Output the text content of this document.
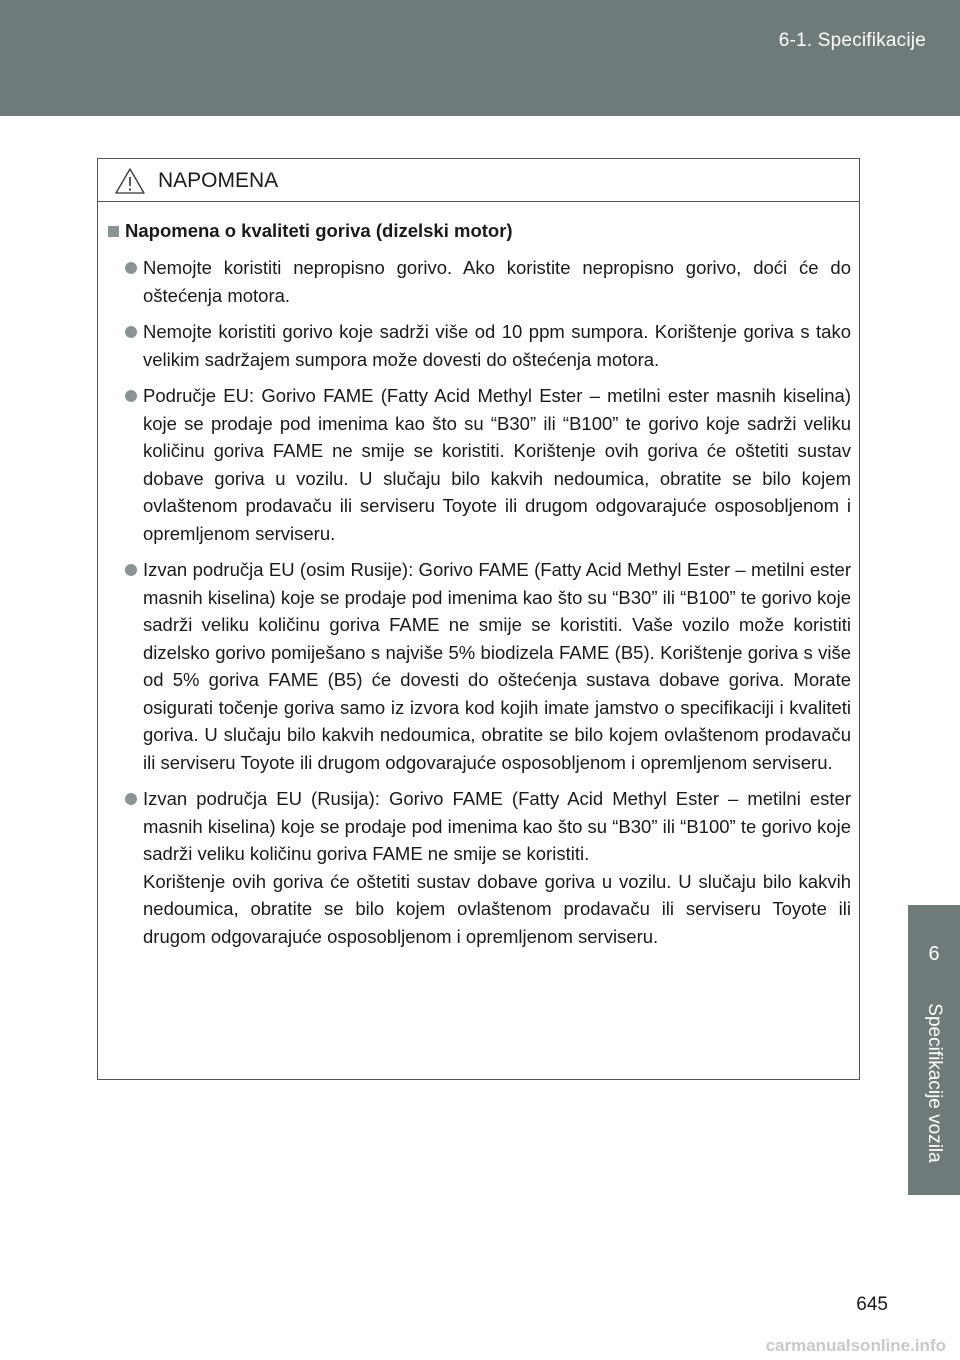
6-1. Specifikacije
6
Specifikacije vozila
NAPOMENA
Napomena o kvaliteti goriva (dizelski motor)
Nemojte koristiti nepropisno gorivo. Ako koristite nepropisno gorivo, doći će do oštećenja motora.
Nemojte koristiti gorivo koje sadrži više od 10 ppm sumpora. Korištenje goriva s tako velikim sadržajem sumpora može dovesti do oštećenja motora.
Područje EU: Gorivo FAME (Fatty Acid Methyl Ester – metilni ester masnih kiselina) koje se prodaje pod imenima kao što su “B30” ili “B100” te gorivo koje sadrži veliku količinu goriva FAME ne smije se koristiti. Korištenje ovih goriva će oštetiti sustav dobave goriva u vozilu. U slučaju bilo kakvih nedoumica, obratite se bilo kojem ovlaštenom prodavaču ili serviseru Toyote ili drugom odgovarajuće osposobljenom i opremljenom serviseru.
Izvan područja EU (osim Rusije): Gorivo FAME (Fatty Acid Methyl Ester – metilni ester masnih kiselina) koje se prodaje pod imenima kao što su “B30” ili “B100” te gorivo koje sadrži veliku količinu goriva FAME ne smije se koristiti. Vaše vozilo može koristiti dizelsko gorivo pomiješano s najviše 5% biodizela FAME (B5). Korištenje goriva s više od 5% goriva FAME (B5) će dovesti do oštećenja sustava dobave goriva. Morate osigurati točenje goriva samo iz izvora kod kojih imate jamstvo o specifikaciji i kvaliteti goriva. U slučaju bilo kakvih nedoumica, obratite se bilo kojem ovlaštenom prodavaču ili serviseru Toyote ili drugom odgovarajuće osposobljenom i opremljenom serviseru.
Izvan područja EU (Rusija): Gorivo FAME (Fatty Acid Methyl Ester – metilni ester masnih kiselina) koje se prodaje pod imenima kao što su “B30” ili “B100” te gorivo koje sadrži veliku količinu goriva FAME ne smije se koristiti.
Korištenje ovih goriva će oštetiti sustav dobave goriva u vozilu. U slučaju bilo kakvih nedoumica, obratite se bilo kojem ovlaštenom prodavaču ili serviseru Toyote ili drugom odgovarajuće osposobljenom i opremljenom serviseru.
645
carmanualsonline.info
